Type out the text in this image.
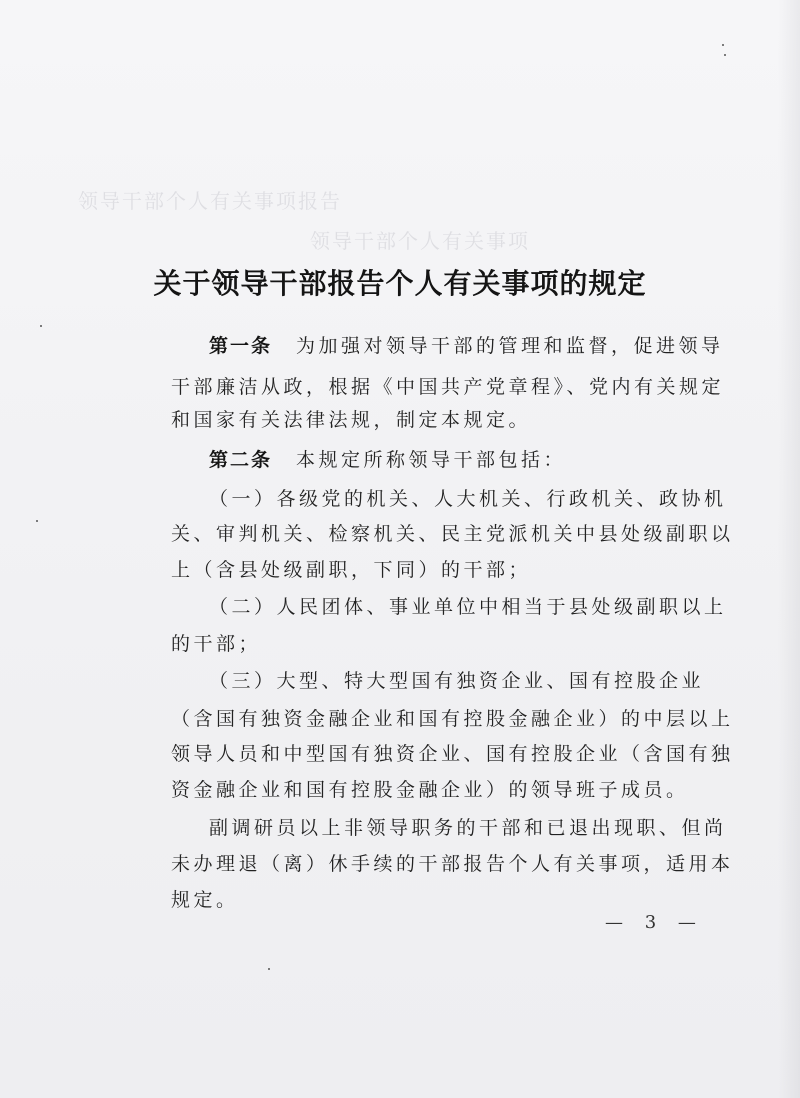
领导干部个人有关事项报告
领导干部个人有关事项
关于领导干部报告个人有关事项的规定
第一条 为加强对领导干部的管理和监督，促进领导
干部廉洁从政，根据《中国共产党章程》、党内有关规定
和国家有关法律法规，制定本规定。
第二条 本规定所称领导干部包括：
（一）各级党的机关、人大机关、行政机关、政协机
关、审判机关、检察机关、民主党派机关中县处级副职以
上（含县处级副职，下同）的干部；
（二）人民团体、事业单位中相当于县处级副职以上
的干部；
（三）大型、特大型国有独资企业、国有控股企业
（含国有独资金融企业和国有控股金融企业）的中层以上
领导人员和中型国有独资企业、国有控股企业（含国有独
资金融企业和国有控股金融企业）的领导班子成员。
副调研员以上非领导职务的干部和已退出现职、但尚
未办理退（离）休手续的干部报告个人有关事项，适用本
规定。
— 3 —
